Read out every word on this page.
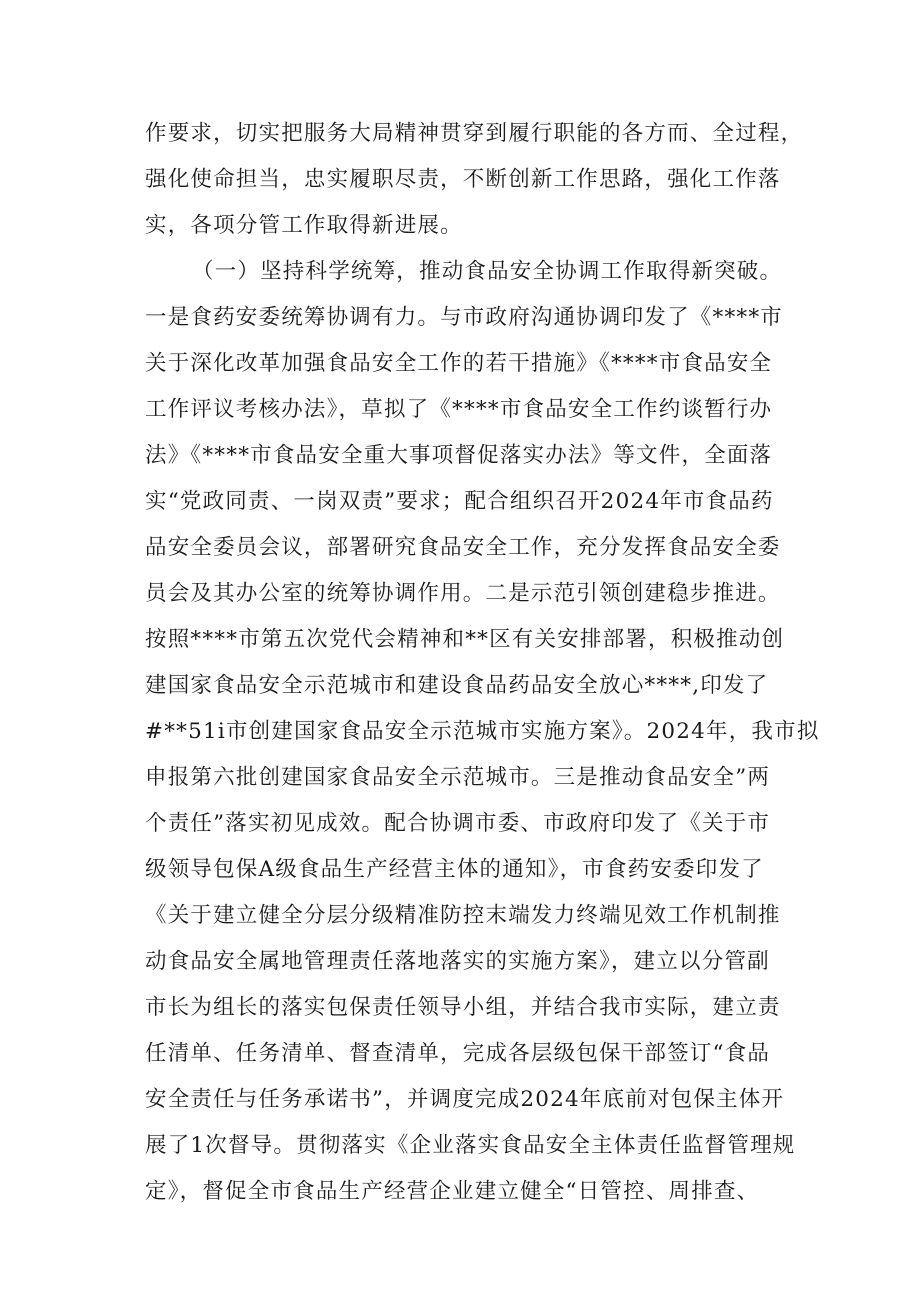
作要求，切实把服务大局精神贯穿到履行职能的各方而、全过程，
强化使命担当，忠实履职尽责，不断创新工作思路，强化工作落
实，各项分管工作取得新进展。
（一）坚持科学统筹，推动食品安全协调工作取得新突破。
一是食药安委统筹协调有力。与市政府沟通协调印发了《****市
关于深化改革加强食品安全工作的若干措施》《****市食品安全
工作评议考核办法》，草拟了《****市食品安全工作约谈暂行办
法》《****市食品安全重大事项督促落实办法》等文件，全面落
实“党政同责、一岗双责”要求；配合组织召开2024年市食品药
品安全委员会议，部署研究食品安全工作，充分发挥食品安全委
员会及其办公室的统筹协调作用。二是示范引领创建稳步推进。
按照****市第五次党代会精神和**区有关安排部署，积极推动创
建国家食品安全示范城市和建设食品药品安全放心****,印发了
#**51i市创建国家食品安全示范城市实施方案》。2024年，我市拟
申报第六批创建国家食品安全示范城市。三是推动食品安全”两
个责任”落实初见成效。配合协调市委、市政府印发了《关于市
级领导包保A级食品生产经营主体的通知》，市食药安委印发了
《关于建立健全分层分级精准防控末端发力终端见效工作机制推
动食品安全属地管理责任落地落实的实施方案》，建立以分管副
市长为组长的落实包保责任领导小组，并结合我市实际，建立责
任清单、任务清单、督查清单，完成各层级包保干部签订“食品
安全责任与任务承诺书”，并调度完成2024年底前对包保主体开
展了1次督导。贯彻落实《企业落实食品安全主体责任监督管理规
定》，督促全市食品生产经营企业建立健全“日管控、周排查、
